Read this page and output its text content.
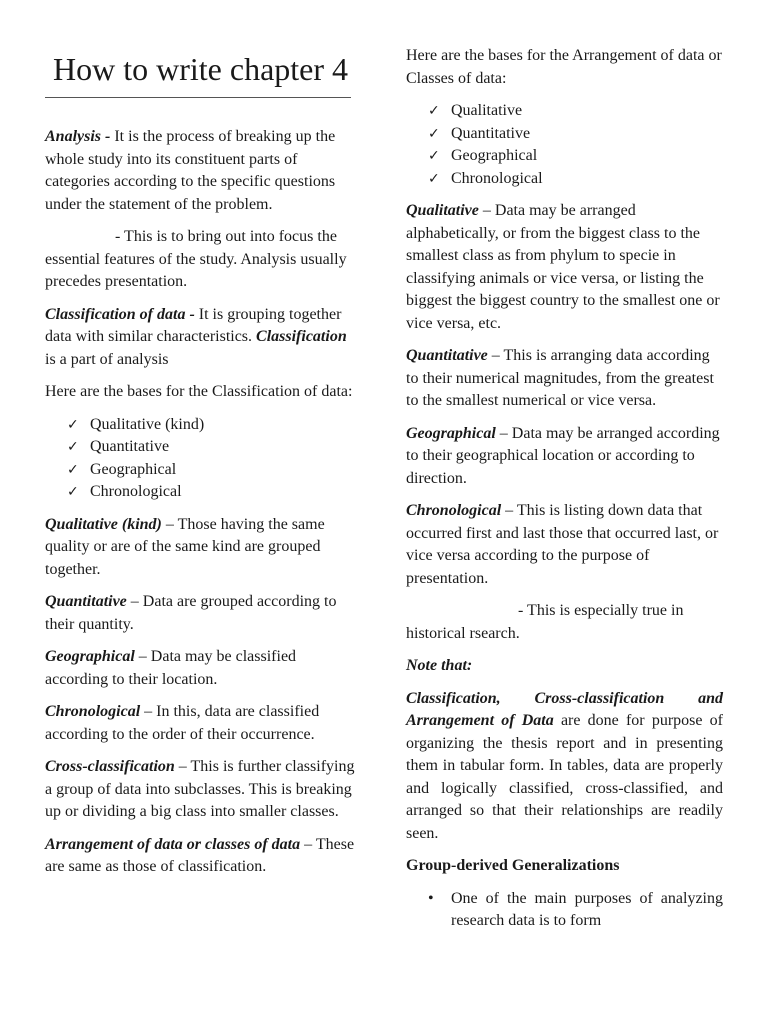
How to write chapter 4

Analysis - It is the process of breaking up the whole study into its constituent parts of categories according to the specific questions under the statement of the problem.

- This is to bring out into focus the essential features of the study. Analysis usually precedes presentation.

Classification of data - It is grouping together data with similar characteristics. Classification is a part of analysis

Here are the bases for the Classification of data:

✓ Qualitative (kind)
✓ Quantitative
✓ Geographical
✓ Chronological

Qualitative (kind) – Those having the same quality or are of the same kind are grouped together.

Quantitative – Data are grouped according to their quantity.

Geographical – Data may be classified according to their location.

Chronological – In this, data are classified according to the order of their occurrence.

Cross-classification – This is further classifying a group of data into subclasses. This is breaking up or dividing a big class into smaller classes.

Arrangement of data or classes of data – These are same as those of classification.

Here are the bases for the Arrangement of data or Classes of data:

✓ Qualitative
✓ Quantitative
✓ Geographical
✓ Chronological

Qualitative – Data may be arranged alphabetically, or from the biggest class to the smallest class as from phylum to specie in classifying animals or vice versa, or listing the biggest the biggest country to the smallest one or vice versa, etc.

Quantitative – This is arranging data according to their numerical magnitudes, from the greatest to the smallest numerical or vice versa.

Geographical – Data may be arranged according to their geographical location or according to direction.

Chronological – This is listing down data that occurred first and last those that occurred last, or vice versa according to the purpose of presentation.

- This is especially true in historical rsearch.

Note that:

Classification, Cross-classification and Arrangement of Data are done for purpose of organizing the thesis report and in presenting them in tabular form. In tables, data are properly and logically classified, cross-classified, and arranged so that their relationships are readily seen.

Group-derived Generalizations

• One of the main purposes of analyzing research data is to form
